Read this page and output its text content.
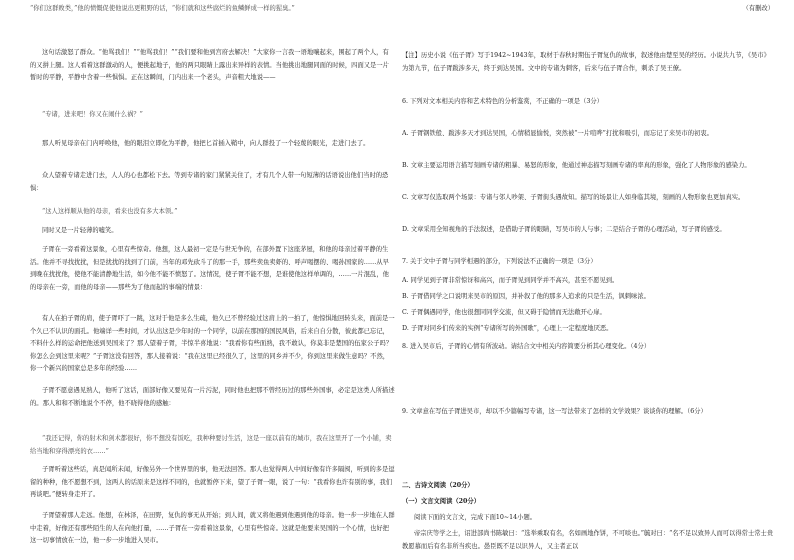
“你们这群败类，”他的愤慨促使他说出更粗野的话，“你们就和这些腐烂的鱼鳞鲜成一样的猩臭。”

这句话激怒了群众。“他骂我们！”“他骂我们！”“我们要和他到宫府去解决！”大家你一言我一语地嚷起来，围起了两个人，有的又拼上腿。这人看着这群激动的人，便挑起地子，他的两只眼睛上露出来异样的表情。当他挑出地腿同面的时候，四面又是一片暂时的平静，平静中含着一些惧惧。正在这瞬间，门内出来一个老头，声音粗大地说——

“专诸，进来吧！你又在闹什么祸？”

那人听见母亲在门内呼唤他，他的眼泪立即化为平静，他把匕首插入鞘中，向人群投了一个轻蔑的眼光，走进门去了。

众人望着专诸走进门去，人人的心也都松下去。等到专诸的家门紧紧关住了，才有几个人带一句短薄的话语说出他们当时的恐惧：

“这人这样顺从他的母亲，看来也没有多大本领。”

同时又是一片轻薄的嘘笑。

子胥在一旁看着这景象，心里有些惊奇。他想，这人最初一定是与世无争的，在部外置下这座茅屋，和他的母亲过着平静的生活。他并不寻找扰扰，但是扰扰的找到了门前，当年的邓先砍斗了的那一手，那些卖鱼卖虾的、呼声喝摆的、喝孙国家的……从早到晚在扰扰他，使他不能清静地生活，如今他不能不愤怒了。这情况，使子胥不能不想，是谁使他这样单调的，……一片混乱，他的母亲在一旁，而他的母亲——那些为了他而起的事端的情景：

有人在拍子胥的肩，使子胥吓了一跳，这对于他是多么生疏，他久已不曾经验过这肩上的一拍了，他惊惧地回转头来，面前是一个久已不认识的面孔。他端详一些时间，才认出这是少年时的一个同学，以前在那国的国民风俗，后来自自分散，彼此都已忘记，不料什么样的运命把他送到吴国来了？那人望着子胥，半惊半喜地说：“我看你有些面熟，我不敢认，你莫非是楚国的伍家公子吗？你怎么会到这里来呢？”子胥这没有回答，那人接着说：“我在这里已经很久了，这里的同乡并不少，你到这里来做生意吗？不然，你一个新兴的国家总是多年的经验……

子胥不愿意遇见熟人，他听了这话，面部好像又要见有一片污泥，同时他也把那不曾经历过的那些外国事，必定是这类人所描述的。那人和和不断地说个不停，他不晓得他的感触：

“我还记得，你的射术和剑术都很好，你不想没有饭吃，我种种要讨生活，这是一座以前有的城市，我在这里开了一个小铺，卖给当地和穿得漂亮的衣……”

子胥听着这些话，真是闻所未闻，好像另外一个世界里的事，他无法回答。那人也觉得两人中间好像有许多隔阂，听到的多是逗留的种种，他不愿想不到，这两人的话原来是这样不同的，也就暂停下来，望了子胥一眼，说了一句：“我看你也许有别的事，我们再谈吧。”便转身走开了。

子胥望着那人走远。他想，在林泽，在田野，复仇的事无从开始；到人间，就又将他遇到他遇到他的母亲。他一步一步地在人群中走着，好像还有那些陌生的人在向他打量，……子胥在一旁看着这景象，心里有些惊奇。这就是他要来吴国的一个心情，也好把这一切事情放在一边，他一步一步地进入吴市。

（有删改）

【注】历史小说《伍子胥》写于1942~1943年，取材于春秋时期伍子胥复仇的故事，叙述他由楚至吴的经历。小说共九节，《吴市》为第九节，伍子胥跋涉多天，终于到达吴国。文中的专诸为刺客，后来与伍子胥合作，刺杀了吴王僚。

6. 下列对文本相关内容和艺术特色的分析鉴赏，不正确的一项是（3分）

A. 子胥钢铁般、跋涉多天才到达吴国，心情稍显愉悦，突然被“一片喧哗”打扰和吸引，而忘记了来吴市的初衷。

B. 文章主要运用语言描写刻画专诸的粗暴、易怒的形象，他通过神态描写刻画专诸的率真的形象，强化了人物形象的感染力。

C. 文章写仅选取两个场景：专诸与邻人吵架、子胥街头遇故知。描写的场景让人如身临其境，刻画的人物形象也更加真实。

D. 文章采用全知视角的手法叙述，是借助子胥的眼睛，写吴市的人与事；二是结合子胥的心理活动，写子胥的感受。

7. 关于文中子胥与同学相遇的部分，下列说法不正确的一项是（3分）

A. 同学见到子胥非常惊讶和高兴，而子胥见到同学并不高兴，甚至不愿见到。

B. 子胥借同学之口说明来吴市的原因，并补叙了他的那多人追求的只是生活，讽刺味浓。

C. 子胥偶遇同学，他也很想同同学交流，但又碍于隐情而无法敞开心扉。

D. 子胥对同乡们传来的实例“专诸所写的外国歌”，心理上一定程度地厌恶。

8. 进入吴市后，子胥的心情有所波动。请结合文中相关内容简要分析其心理变化。（4分）

9. 文章意在写伍子胥进吴市，却以不少篇幅写专诸，这一写法带来了怎样的文学效果？谈谈你的理解。（6分）

二、古诗文阅读（20分）

（一）文言文阅读（20分）

阅读下面的文言文，完成下面10~14小题。

帝宗庆等学之士，诏进部尚书陈敏曰：“选举乘取有名，名如画地作饼，不可啖也。”毓对曰：“名不足以致异人而可以得常士常士贵教愿慕而后有名非所当疾也。愚臣既不足以识异人，又主者正以
